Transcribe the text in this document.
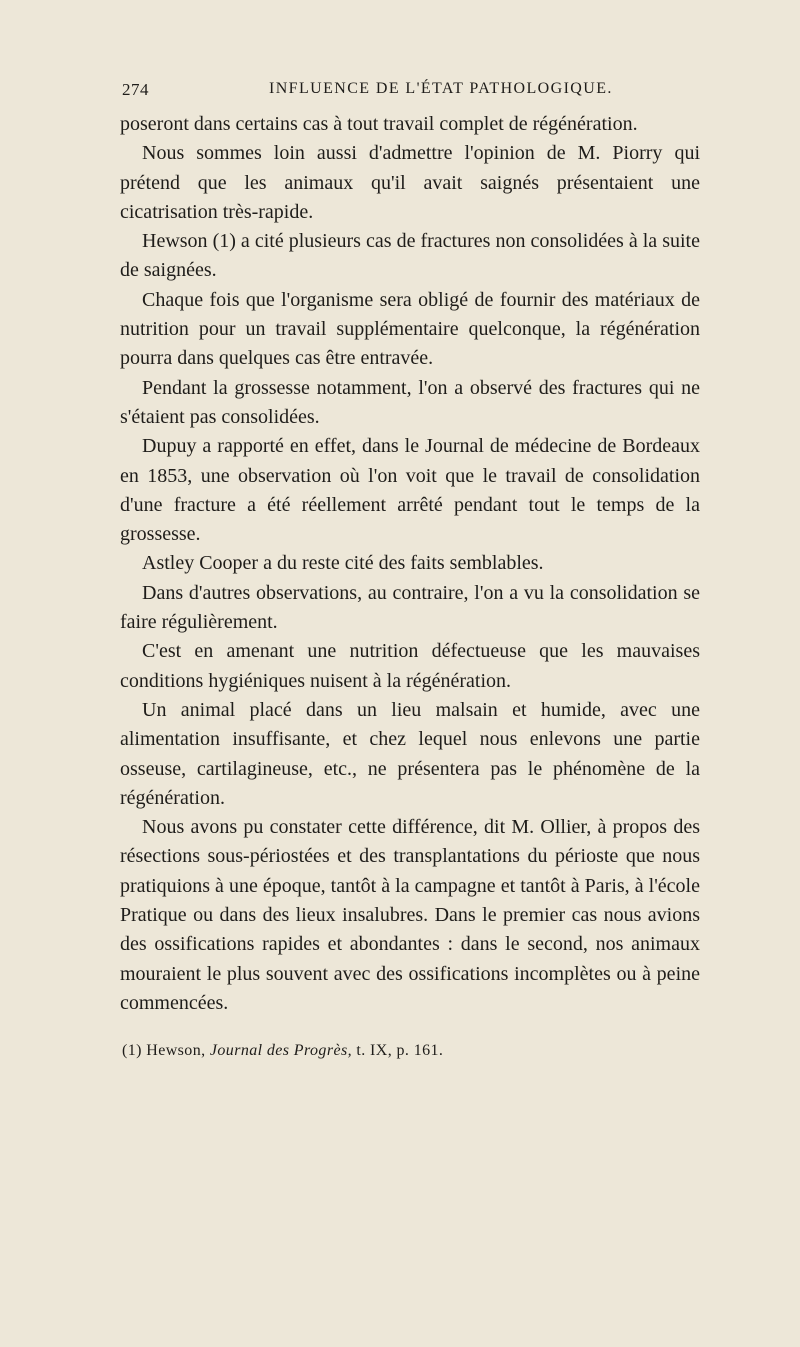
274	INFLUENCE DE L'ÉTAT PATHOLOGIQUE.

poseront dans certains cas à tout travail complet de régénération.

Nous sommes loin aussi d'admettre l'opinion de M. Piorry qui prétend que les animaux qu'il avait saignés présentaient une cicatrisation très-rapide.

Hewson (1) a cité plusieurs cas de fractures non consolidées à la suite de saignées.

Chaque fois que l'organisme sera obligé de fournir des matériaux de nutrition pour un travail supplémentaire quelconque, la régénération pourra dans quelques cas être entravée.

Pendant la grossesse notamment, l'on a observé des fractures qui ne s'étaient pas consolidées.

Dupuy a rapporté en effet, dans le Journal de médecine de Bordeaux en 1853, une observation où l'on voit que le travail de consolidation d'une fracture a été réellement arrêté pendant tout le temps de la grossesse.

Astley Cooper a du reste cité des faits semblables.

Dans d'autres observations, au contraire, l'on a vu la consolidation se faire régulièrement.

C'est en amenant une nutrition défectueuse que les mauvaises conditions hygiéniques nuisent à la régénération.

Un animal placé dans un lieu malsain et humide, avec une alimentation insuffisante, et chez lequel nous enlevons une partie osseuse, cartilagineuse, etc., ne présentera pas le phénomène de la régénération.

Nous avons pu constater cette différence, dit M. Ollier, à propos des résections sous-périostées et des transplantations du périoste que nous pratiquions à une époque, tantôt à la campagne et tantôt à Paris, à l'école Pratique ou dans des lieux insalubres. Dans le premier cas nous avions des ossifications rapides et abondantes : dans le second, nos animaux mouraient le plus souvent avec des ossifications incomplètes ou à peine commencées.

(1) Hewson, Journal des Progrès, t. IX, p. 161.
